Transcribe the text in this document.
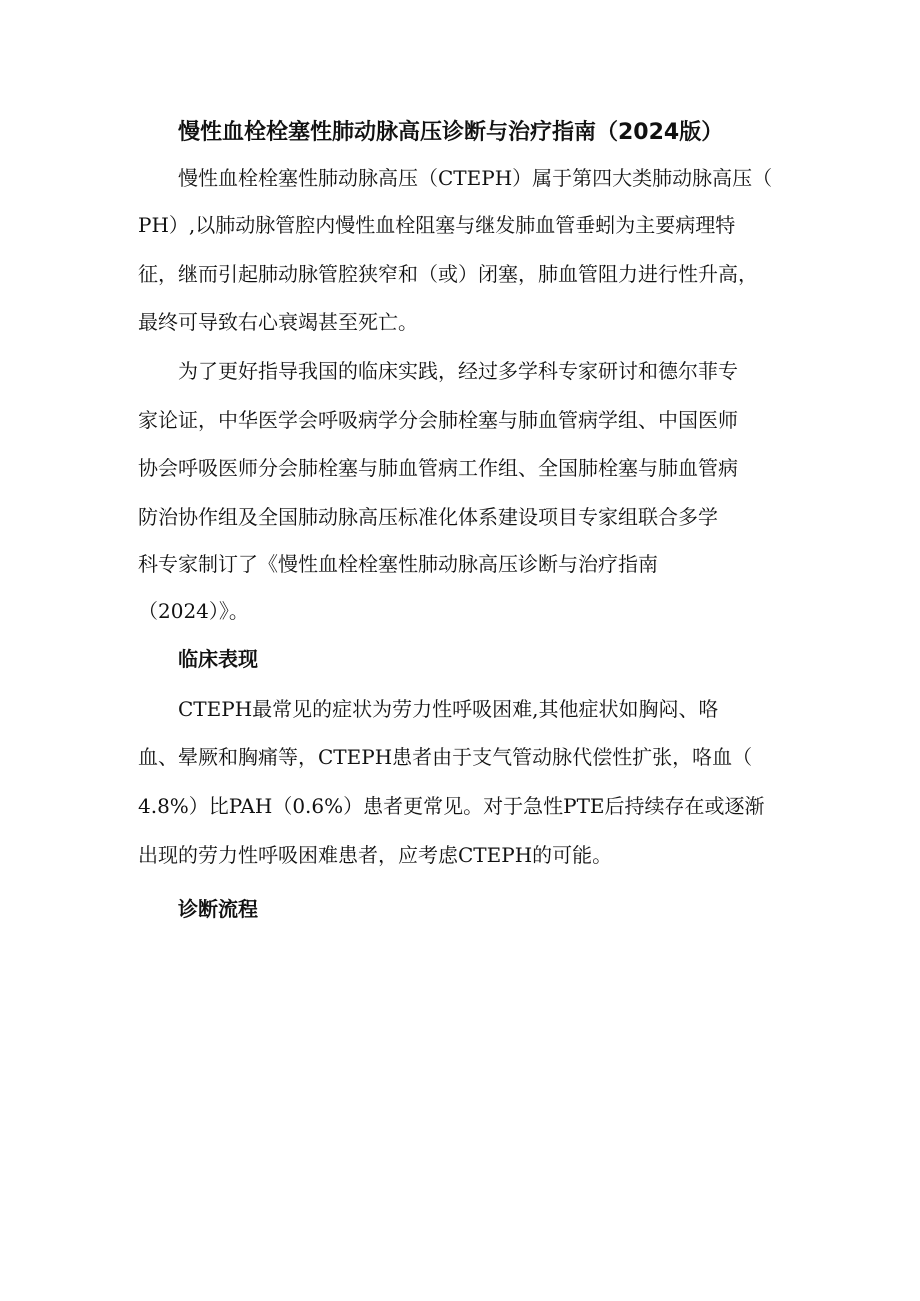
慢性血栓栓塞性肺动脉高压诊断与治疗指南（2024版）
慢性血栓栓塞性肺动脉高压（CTEPH）属于第四大类肺动脉高压（
PH）,以肺动脉管腔内慢性血栓阻塞与继发肺血管垂蚓为主要病理特
征，继而引起肺动脉管腔狭窄和（或）闭塞，肺血管阻力进行性升高，
最终可导致右心衰竭甚至死亡。
为了更好指导我国的临床实践，经过多学科专家研讨和德尔菲专
家论证，中华医学会呼吸病学分会肺栓塞与肺血管病学组、中国医师
协会呼吸医师分会肺栓塞与肺血管病工作组、全国肺栓塞与肺血管病
防治协作组及全国肺动脉高压标准化体系建设项目专家组联合多学
科专家制订了《慢性血栓栓塞性肺动脉高压诊断与治疗指南
（2024）》。
临床表现
CTEPH最常见的症状为劳力性呼吸困难,其他症状如胸闷、咯
血、晕厥和胸痛等，CTEPH患者由于支气管动脉代偿性扩张，咯血（
4.8%）比PAH（0.6%）患者更常见。对于急性PTE后持续存在或逐渐
出现的劳力性呼吸困难患者，应考虑CTEPH的可能。
诊断流程
